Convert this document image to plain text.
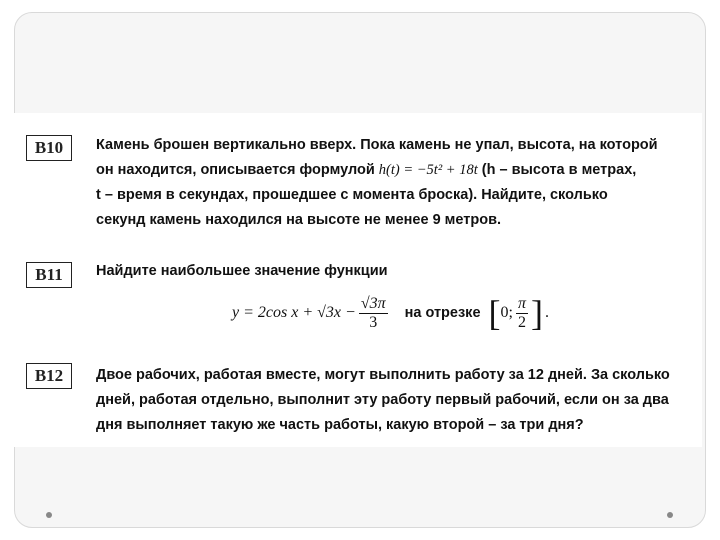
B10	Камень брошен вертикально вверх. Пока камень не упал, высота, на которой
он находится, описывается формулой h(t) = −5t² + 18t (h – высота в метрах,
t – время в секундах, прошедшее с момента броска). Найдите, сколько
секунд камень находился на высоте не менее 9 метров.
B11	Найдите наибольшее значение функции
y = 2cos $x + √3x - \frac{√3\pi}{3}$ на отрезке [ 0; $\frac{\pi}{2}$ ] .
B12	Двое рабочих, работая вместе, могут выполнить работу за 12 дней. За сколько
дней, работая отдельно, выполнит эту работу первый рабочий, если он за два
дня выполняет такую же часть работы, какую второй – за три дня?
